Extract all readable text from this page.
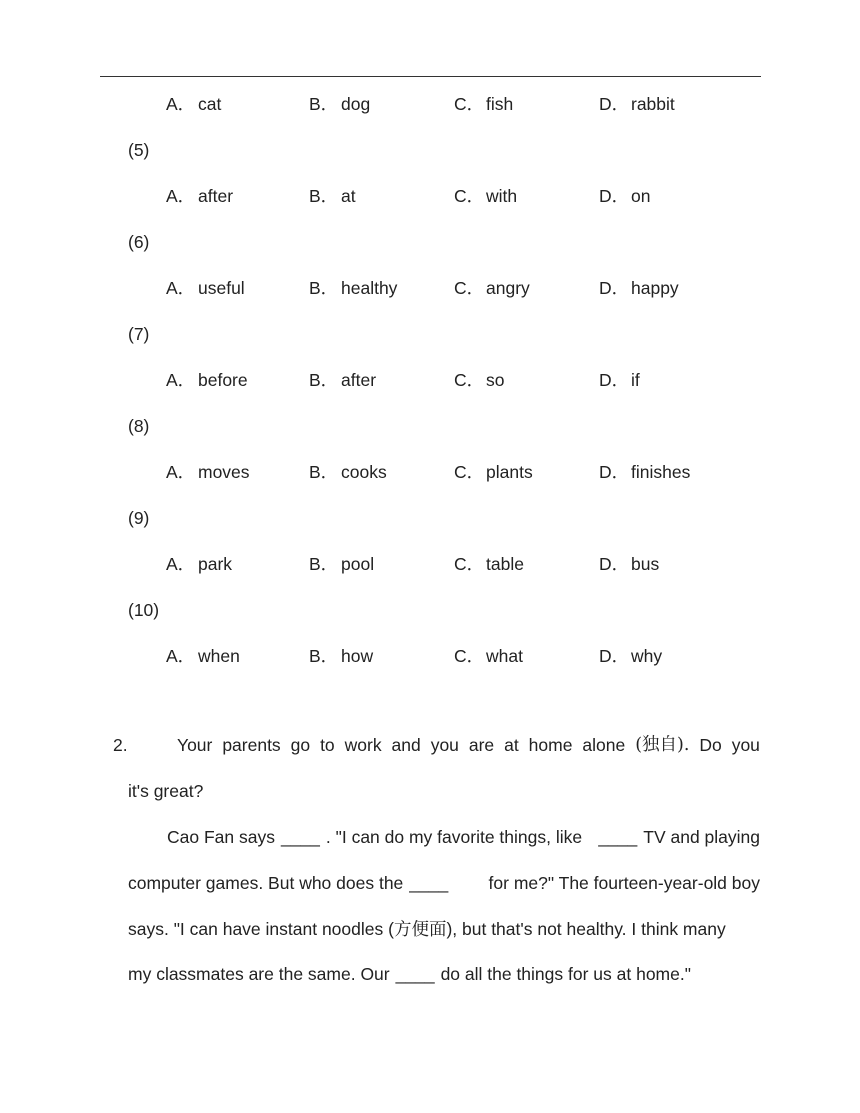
A． cat	B． dog	C． fish	D． rabbit
(5)
A． after	B． at	C． with	D． on
(6)
A． useful	B． healthy	C． angry	D． happy
(7)
A． before	B． after	C． so	D． if
(8)
A． moves	B． cooks	C． plants	D． finishes
(9)
A． park	B． pool	C． table	D． bus
(10)
A． when	B． how	C． what	D． why
2.	Your parents go to work and you are at home alone (独自). Do you
it's great?
Cao Fan says ____ . "I can do my favorite things, like ____ TV and playing
computer games. But who does the ____	for me?" The fourteen-year-old boy
says. "I can have instant noodles (方便面), but that's not healthy. I think many
my classmates are the same. Our ____ do all the things for us at home."
